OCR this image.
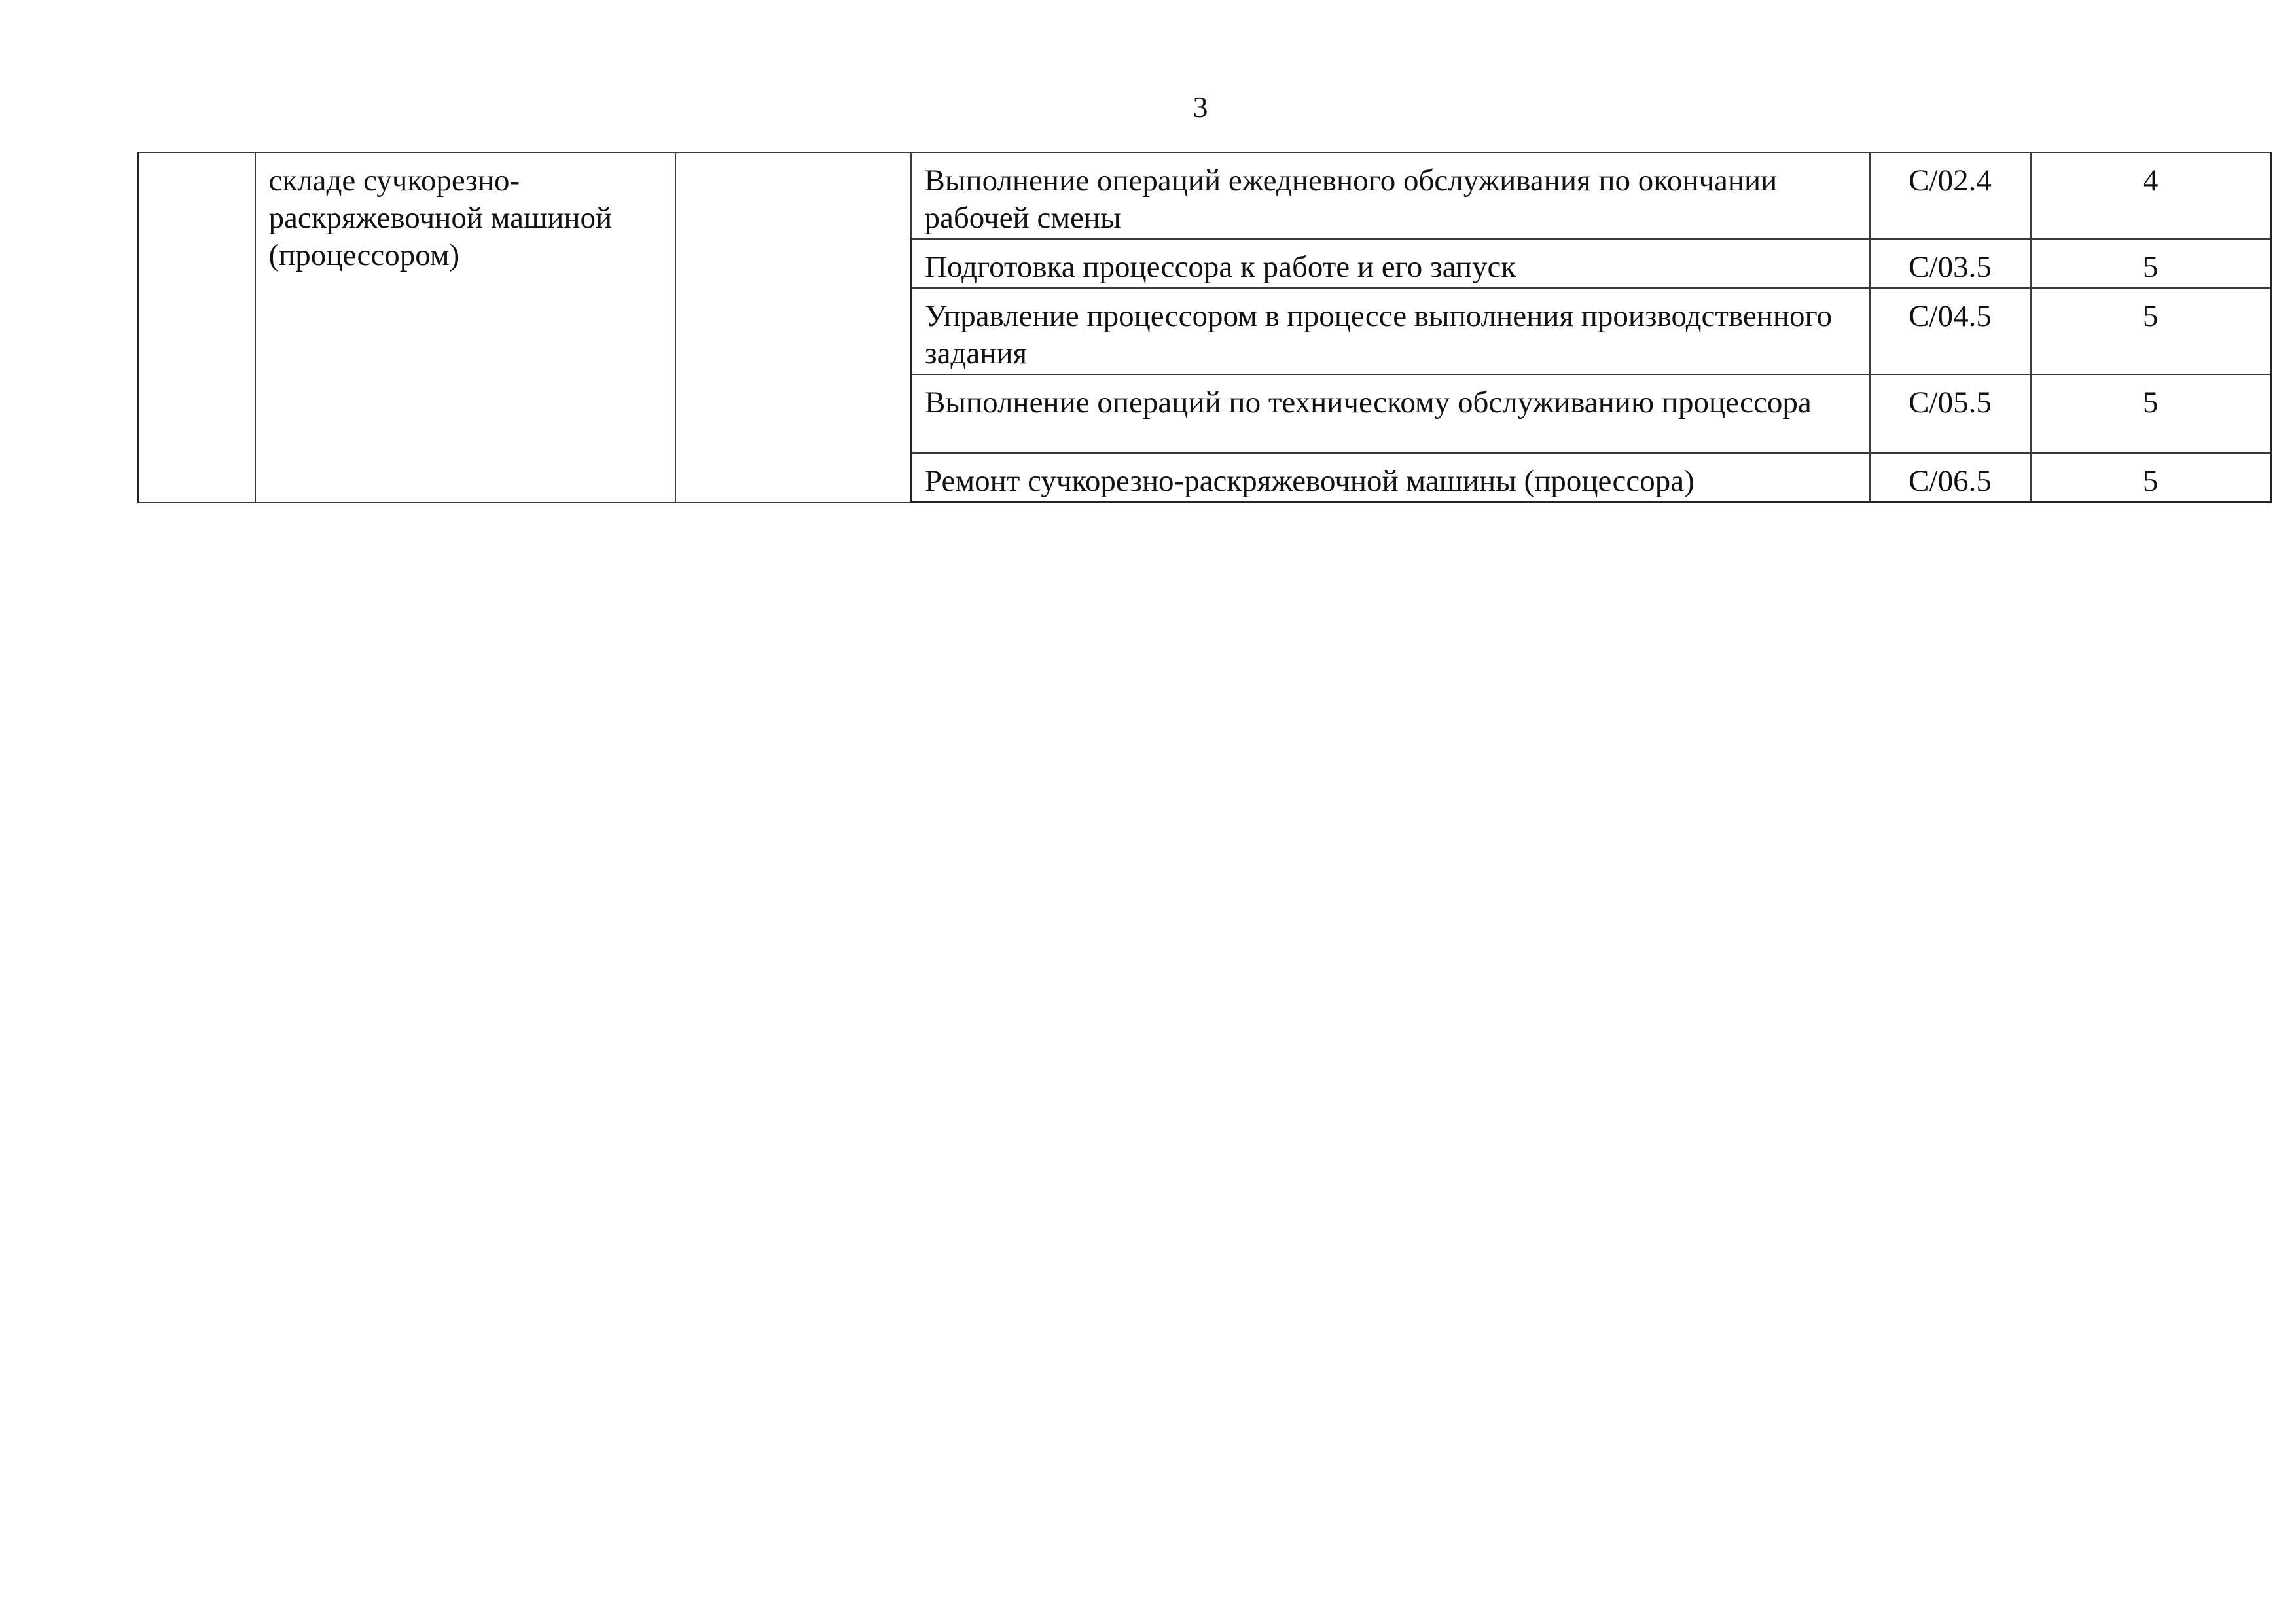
3
	складе сучкорезно-раскряжевочной машиной (процессором)		Выполнение операций ежедневного обслуживания по окончании рабочей смены	C/02.4	4
			Подготовка процессора к работе и его запуск	C/03.5	5
			Управление процессором в процессе выполнения производственного задания	C/04.5	5
			Выполнение операций по техническому обслуживанию процессора	C/05.5	5
			Ремонт сучкорезно-раскряжевочной машины (процессора)	C/06.5	5
